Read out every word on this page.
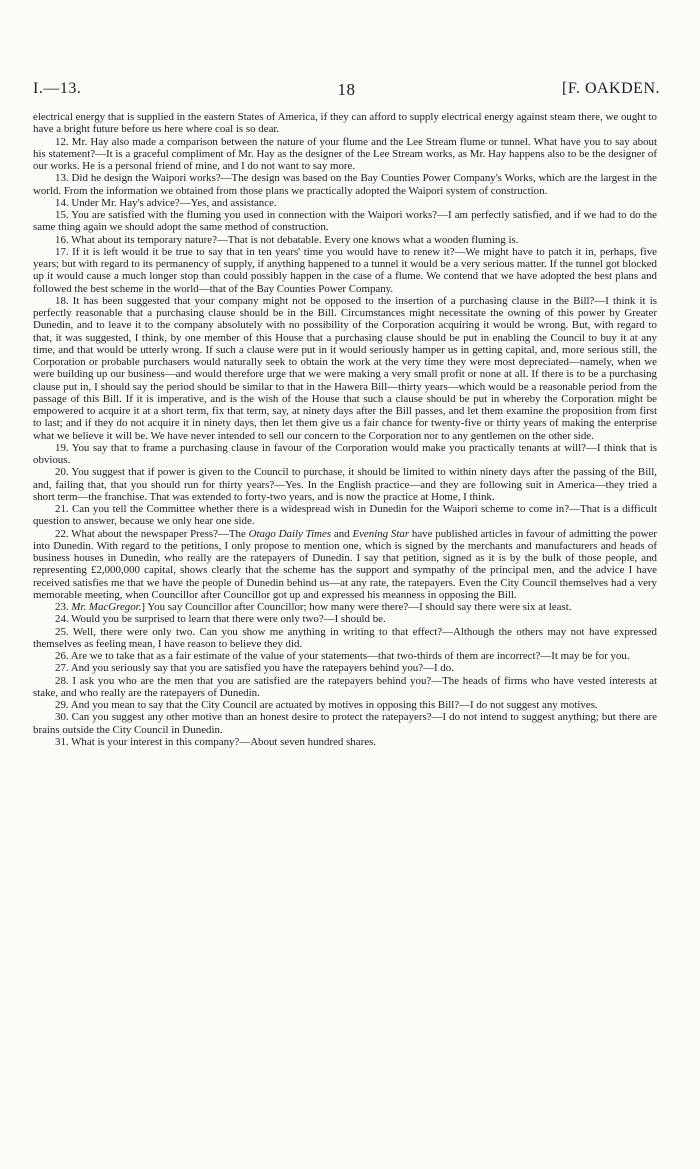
I.—13.	18	[F. OAKDEN.

electrical energy that is supplied in the eastern States of America, if they can afford to supply electrical energy against steam there, we ought to have a bright future before us here where coal is so dear.

12. Mr. Hay also made a comparison between the nature of your flume and the Lee Stream flume or tunnel. What have you to say about his statement?—It is a graceful compliment of Mr. Hay as the designer of the Lee Stream works, as Mr. Hay happens also to be the designer of our works. He is a personal friend of mine, and I do not want to say more.

13. Did he design the Waipori works?—The design was based on the Bay Counties Power Company's Works, which are the largest in the world. From the information we obtained from those plans we practically adopted the Waipori system of construction.

14. Under Mr. Hay's advice?—Yes, and assistance.

15. You are satisfied with the fluming you used in connection with the Waipori works?—I am perfectly satisfied, and if we had to do the same thing again we should adopt the same method of construction.

16. What about its temporary nature?—That is not debatable. Every one knows what a wooden fluming is.

17. If it is left would it be true to say that in ten years' time you would have to renew it?—We might have to patch it in, perhaps, five years; but with regard to its permanency of supply, if anything happened to a tunnel it would be a very serious matter. If the tunnel got blocked up it would cause a much longer stop than could possibly happen in the case of a flume. We contend that we have adopted the best plans and followed the best scheme in the world—that of the Bay Counties Power Company.

18. It has been suggested that your company might not be opposed to the insertion of a purchasing clause in the Bill?—I think it is perfectly reasonable that a purchasing clause should be in the Bill. Circumstances might necessitate the owning of this power by Greater Dunedin, and to leave it to the company absolutely with no possibility of the Corporation acquiring it would be wrong. But, with regard to that, it was suggested, I think, by one member of this House that a purchasing clause should be put in enabling the Council to buy it at any time, and that would be utterly wrong. If such a clause were put in it would seriously hamper us in getting capital, and, more serious still, the Corporation or probable purchasers would naturally seek to obtain the work at the very time they were most depreciated—namely, when we were building up our business—and would therefore urge that we were making a very small profit or none at all. If there is to be a purchasing clause put in, I should say the period should be similar to that in the Hawera Bill—thirty years—which would be a reasonable period from the passage of this Bill. If it is imperative, and is the wish of the House that such a clause should be put in whereby the Corporation might be empowered to acquire it at a short term, fix that term, say, at ninety days after the Bill passes, and let them examine the proposition from first to last; and if they do not acquire it in ninety days, then let them give us a fair chance for twenty-five or thirty years of making the enterprise what we believe it will be. We have never intended to sell our concern to the Corporation nor to any gentlemen on the other side.

19. You say that to frame a purchasing clause in favour of the Corporation would make you practically tenants at will?—I think that is obvious.

20. You suggest that if power is given to the Council to purchase, it should be limited to within ninety days after the passing of the Bill, and, failing that, that you should run for thirty years?—Yes. In the English practice—and they are following suit in America—they tried a short term—the franchise. That was extended to forty-two years, and is now the practice at Home, I think.

21. Can you tell the Committee whether there is a widespread wish in Dunedin for the Waipori scheme to come in?—That is a difficult question to answer, because we only hear one side.

22. What about the newspaper Press?—The Otago Daily Times and Evening Star have published articles in favour of admitting the power into Dunedin. With regard to the petitions, I only propose to mention one, which is signed by the merchants and manufacturers and heads of business houses in Dunedin, who really are the ratepayers of Dunedin. I say that petition, signed as it is by the bulk of those people, and representing £2,000,000 capital, shows clearly that the scheme has the support and sympathy of the principal men, and the advice I have received satisfies me that we have the people of Dunedin behind us—at any rate, the ratepayers. Even the City Council themselves had a very memorable meeting, when Councillor after Councillor got up and expressed his meanness in opposing the Bill.

23. Mr. MacGregor.] You say Councillor after Councillor; how many were there?—I should say there were six at least.

24. Would you be surprised to learn that there were only two?—I should be.

25. Well, there were only two. Can you show me anything in writing to that effect?—Although the others may not have expressed themselves as feeling mean, I have reason to believe they did.

26. Are we to take that as a fair estimate of the value of your statements—that two-thirds of them are incorrect?—It may be for you.

27. And you seriously say that you are satisfied you have the ratepayers behind you?—I do.

28. I ask you who are the men that you are satisfied are the ratepayers behind you?—The heads of firms who have vested interests at stake, and who really are the ratepayers of Dunedin.

29. And you mean to say that the City Council are actuated by motives in opposing this Bill?—I do not suggest any motives.

30. Can you suggest any other motive than an honest desire to protect the ratepayers?—I do not intend to suggest anything; but there are brains outside the City Council in Dunedin.

31. What is your interest in this company?—About seven hundred shares.
